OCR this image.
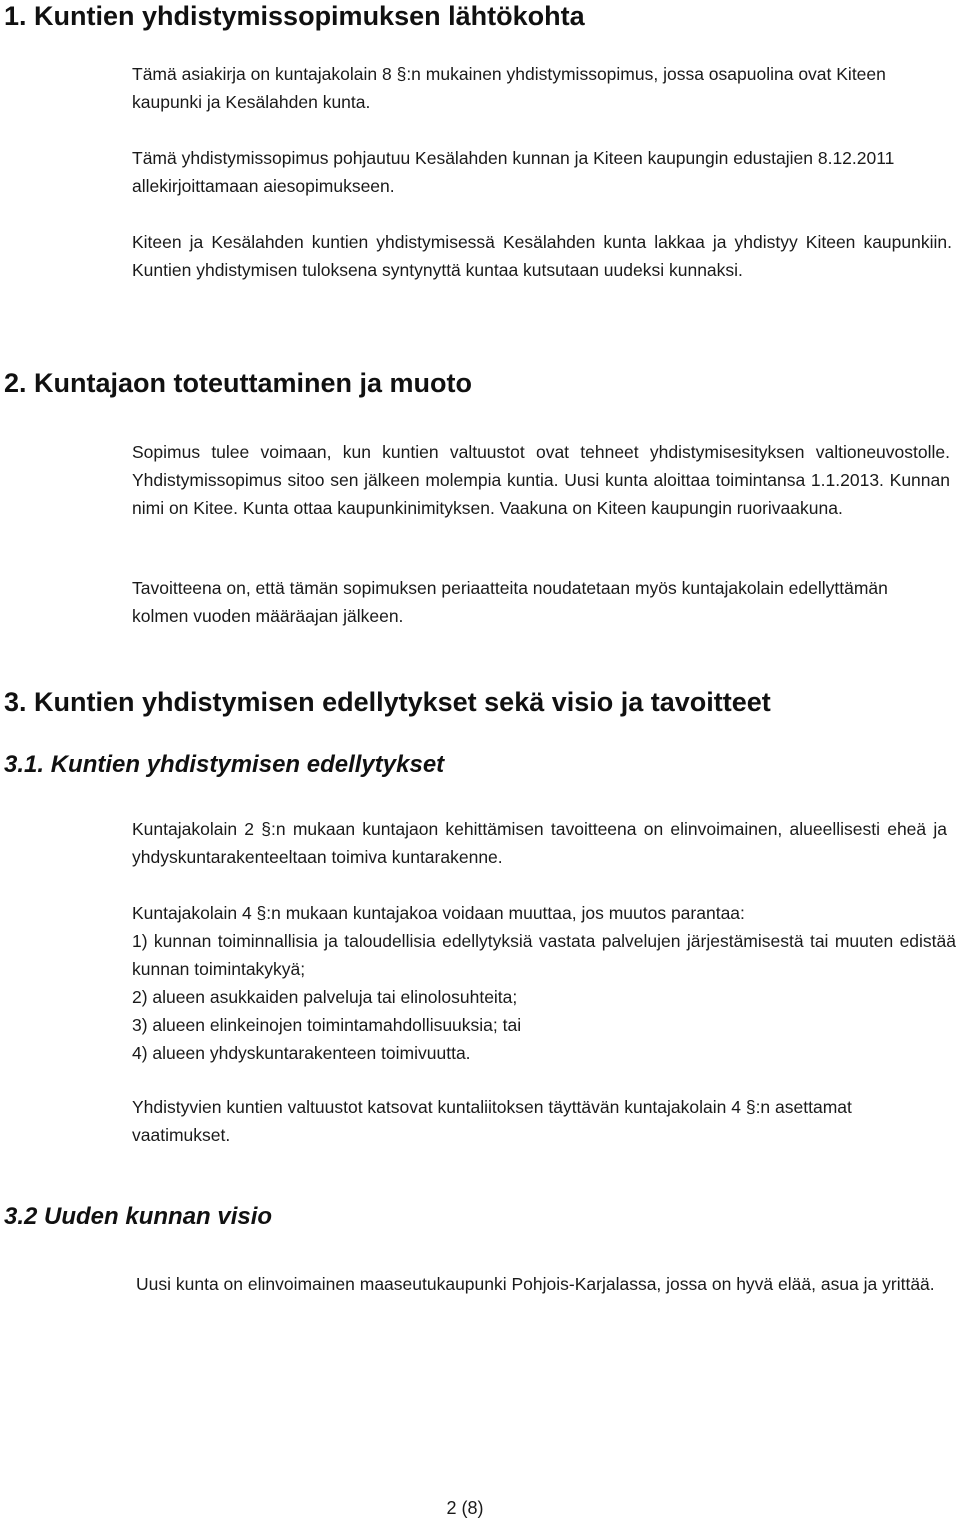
1. Kuntien yhdistymissopimuksen lähtökohta

Tämä asiakirja on kuntajakolain 8 §:n mukainen yhdistymissopimus, jossa osapuolina ovat Kiteen kaupunki ja Kesälahden kunta.

Tämä yhdistymissopimus pohjautuu Kesälahden kunnan ja Kiteen kaupungin edustajien 8.12.2011 allekirjoittamaan aiesopimukseen.

Kiteen ja Kesälahden kuntien yhdistymisessä Kesälahden kunta lakkaa ja yhdistyy Kiteen kaupunkiin. Kuntien yhdistymisen tuloksena syntynyttä kuntaa kutsutaan uudeksi kunnaksi.

2. Kuntajaon toteuttaminen ja muoto

Sopimus tulee voimaan, kun kuntien valtuustot ovat tehneet yhdistymisesityksen valtioneuvostolle. Yhdistymissopimus sitoo sen jälkeen molempia kuntia. Uusi kunta aloittaa toimintansa 1.1.2013. Kunnan nimi on Kitee. Kunta ottaa kaupunkinimityksen. Vaakuna on Kiteen kaupungin ruorivaakuna.

Tavoitteena on, että tämän sopimuksen periaatteita noudatetaan myös kuntajakolain edellyttämän kolmen vuoden määräajan jälkeen.

3. Kuntien yhdistymisen edellytykset sekä visio ja tavoitteet
3.1. Kuntien yhdistymisen edellytykset

Kuntajakolain 2 §:n mukaan kuntajaon kehittämisen tavoitteena on elinvoimainen, alueellisesti eheä ja yhdyskuntarakenteeltaan toimiva kuntarakenne.

Kuntajakolain 4 §:n mukaan kuntajakoa voidaan muuttaa, jos muutos parantaa:

1) kunnan toiminnallisia ja taloudellisia edellytyksiä vastata palvelujen järjestämisestä tai muuten edistää kunnan toimintakykyä;
2) alueen asukkaiden palveluja tai elinolosuhteita;
3) alueen elinkeinojen toimintamahdollisuuksia; tai
4) alueen yhdyskuntarakenteen toimivuutta.

Yhdistyvien kuntien valtuustot katsovat kuntaliitoksen täyttävän kuntajakolain 4 §:n asettamat vaatimukset.

3.2 Uuden kunnan visio

Uusi kunta on elinvoimainen maaseutukaupunki Pohjois-Karjalassa, jossa on hyvä elää, asua ja yrittää.

2 (8)
